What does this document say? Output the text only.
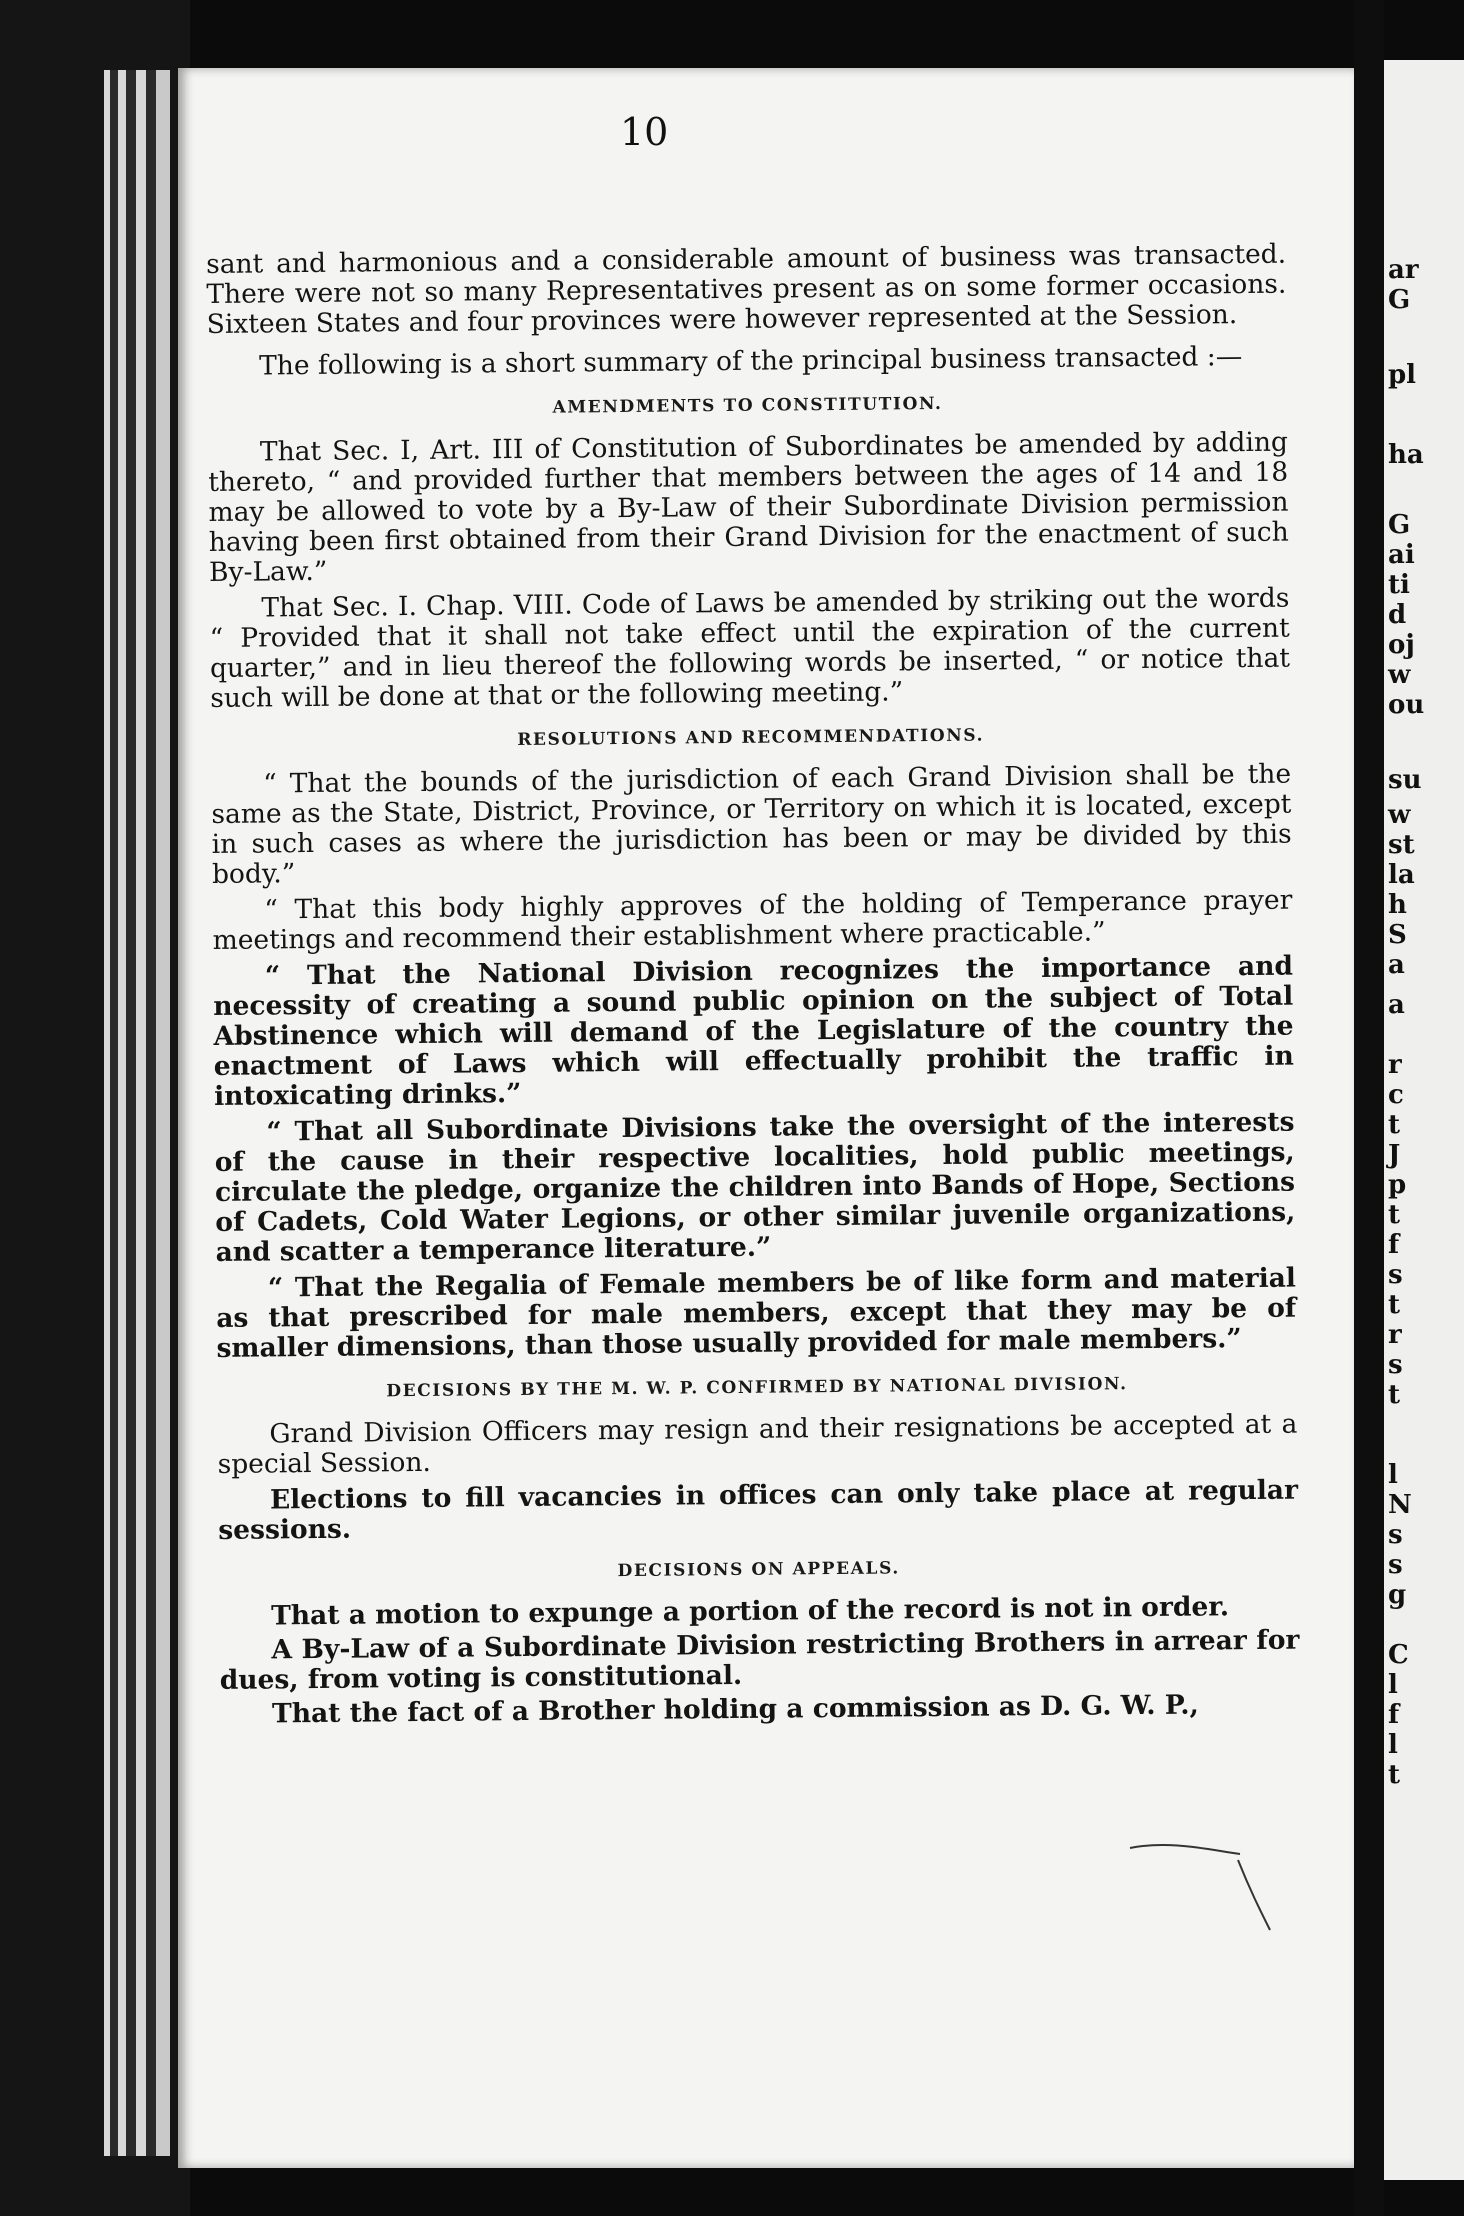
ar
G
pl
ha
G
ai
ti
d
oj
w
ou
su
w
st
la
h
S
a
a
r
c
t
J
p
t
f
s
t
r
s
t
l
N
s
s
g
C
l
f
l
t
10

sant and harmonious and a considerable amount of business was transacted. There were not so many Representatives present as on some former occasions. Sixteen States and four provinces were however represented at the Session.

The following is a short summary of the principal business transacted :—

AMENDMENTS TO CONSTITUTION.

That Sec. I, Art. III of Constitution of Subordinates be amended by adding thereto, “ and provided further that members between the ages of 14 and 18 may be allowed to vote by a By-Law of their Subordinate Division permission having been first obtained from their Grand Division for the enactment of such By-Law.”

That Sec. I. Chap. VIII. Code of Laws be amended by striking out the words “ Provided that it shall not take effect until the expiration of the current quarter,” and in lieu thereof the following words be inserted, “ or notice that such will be done at that or the following meeting.”

RESOLUTIONS AND RECOMMENDATIONS.

“ That the bounds of the jurisdiction of each Grand Division shall be the same as the State, District, Province, or Territory on which it is located, except in such cases as where the jurisdiction has been or may be divided by this body.”

“ That this body highly approves of the holding of Temperance prayer meetings and recommend their establishment where practicable.”

“ That the National Division recognizes the importance and necessity of creating a sound public opinion on the subject of Total Abstinence which will demand of the Legislature of the country the enactment of Laws which will effectually prohibit the traffic in intoxicating drinks.”

“ That all Subordinate Divisions take the oversight of the interests of the cause in their respective localities, hold public meetings, circulate the pledge, organize the children into Bands of Hope, Sections of Cadets, Cold Water Legions, or other similar juvenile organizations, and scatter a temperance literature.”

“ That the Regalia of Female members be of like form and material as that prescribed for male members, except that they may be of smaller dimensions, than those usually provided for male members.”

DECISIONS BY THE M. W. P. CONFIRMED BY NATIONAL DIVISION.

Grand Division Officers may resign and their resignations be accepted at a special Session.

Elections to fill vacancies in offices can only take place at regular sessions.

DECISIONS ON APPEALS.

That a motion to expunge a portion of the record is not in order.

A By-Law of a Subordinate Division restricting Brothers in arrear for dues, from voting is constitutional.

That the fact of a Brother holding a commission as D. G. W. P.,
